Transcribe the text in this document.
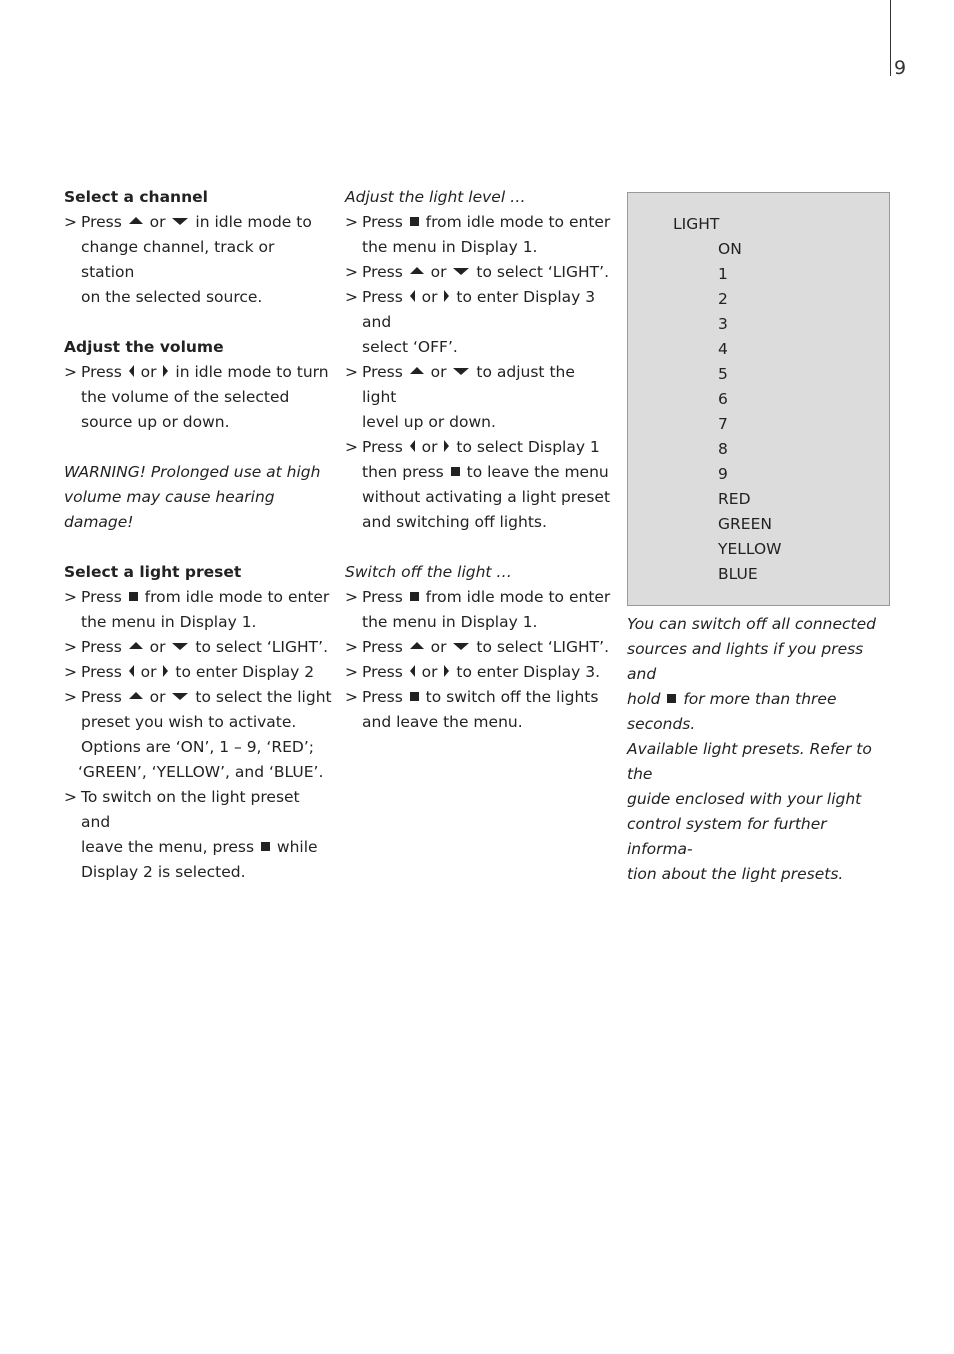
9
Select a channel
> Press or in idle mode to
change channel, track or station
on the selected source.
Adjust the volume
> Press or in idle mode to turn
the volume of the selected
source up or down.
WARNING! Prolonged use at high
volume may cause hearing
damage!
Select a light preset
> Press from idle mode to enter
the menu in Display 1.
> Press or to select ‘LIGHT’.
> Press or to enter Display 2
> Press or to select the light
preset you wish to activate.
Options are ‘ON’, 1 – 9, ‘RED’;
‘GREEN’, ‘YELLOW’, and ‘BLUE’.
> To switch on the light preset and
leave the menu, press while
Display 2 is selected.
Adjust the light level …
> Press from idle mode to enter
the menu in Display 1.
> Press or to select ‘LIGHT’.
> Press or to enter Display 3 and
select ‘OFF’.
> Press or to adjust the light
level up or down.
> Press or to select Display 1
then press to leave the menu
without activating a light preset
and switching off lights.
Switch off the light …
> Press from idle mode to enter
the menu in Display 1.
> Press or to select ‘LIGHT’.
> Press or to enter Display 3.
> Press to switch off the lights
and leave the menu.
LIGHT
ON
1
2
3
4
5
6
7
8
9
RED
GREEN
YELLOW
BLUE
You can switch off all connected
sources and lights if you press and
hold for more than three seconds.
Available light presets. Refer to the
guide enclosed with your light
control system for further informa-
tion about the light presets.
